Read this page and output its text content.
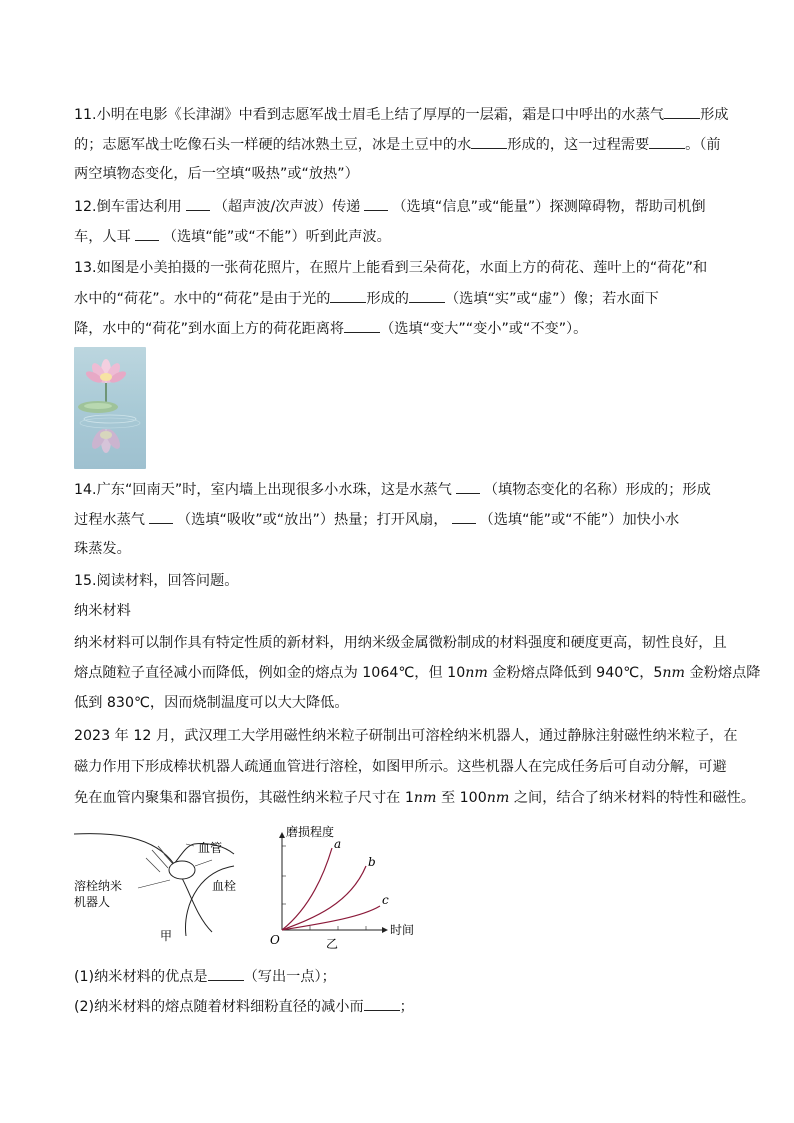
11.小明在电影《长津湖》中看到志愿军战士眉毛上结了厚厚的一层霜，霜是口中呼出的水蒸气	形成
的；志愿军战士吃像石头一样硬的结冰熟土豆，冰是土豆中的水	形成的，这一过程需要	。（前
两空填物态变化，后一空填“吸热”或“放热”）
12.倒车雷达利用 （超声波/次声波）传递 （选填“信息”或“能量”）探测障碍物，帮助司机倒
车，人耳 （选填“能”或“不能”）听到此声波。
13.如图是小美拍摄的一张荷花照片，在照片上能看到三朵荷花，水面上方的荷花、莲叶上的“荷花”和
水中的“荷花”。水中的“荷花”是由于光的	形成的	（选填“实”或“虚”）像；若水面下
降，水中的“荷花”到水面上方的荷花距离将	（选填“变大”“变小”或“不变”）。
14.广东“回南天”时，室内墙上出现很多小水珠，这是水蒸气 （填物态变化的名称）形成的；形成
过程水蒸气 （选填“吸收”或“放出”）热量；打开风扇， （选填“能”或“不能”）加快小水
珠蒸发。
15.阅读材料，回答问题。
纳米材料
纳米材料可以制作具有特定性质的新材料，用纳米级金属微粉制成的材料强度和硬度更高，韧性良好，且
熔点随粒子直径减小而降低，例如金的熔点为 1064℃，但 10nm 金粉熔点降低到 940℃，5nm 金粉熔点降
低到 830℃，因而烧制温度可以大大降低。
2023 年 12 月，武汉理工大学用磁性纳米粒子研制出可溶栓纳米机器人，通过静脉注射磁性纳米粒子，在
磁力作用下形成棒状机器人疏通血管进行溶栓，如图甲所示。这些机器人在完成任务后可自动分解，可避
免在血管内聚集和器官损伤，其磁性纳米粒子尺寸在 1nm 至 100nm 之间，结合了纳米材料的特性和磁性。
血管
溶栓纳米
机器人
血栓
甲
a
b
c
磨损程度
时间
O	乙
(1)纳米材料的优点是	（写出一点）；
(2)纳米材料的熔点随着材料细粉直径的减小而	；
